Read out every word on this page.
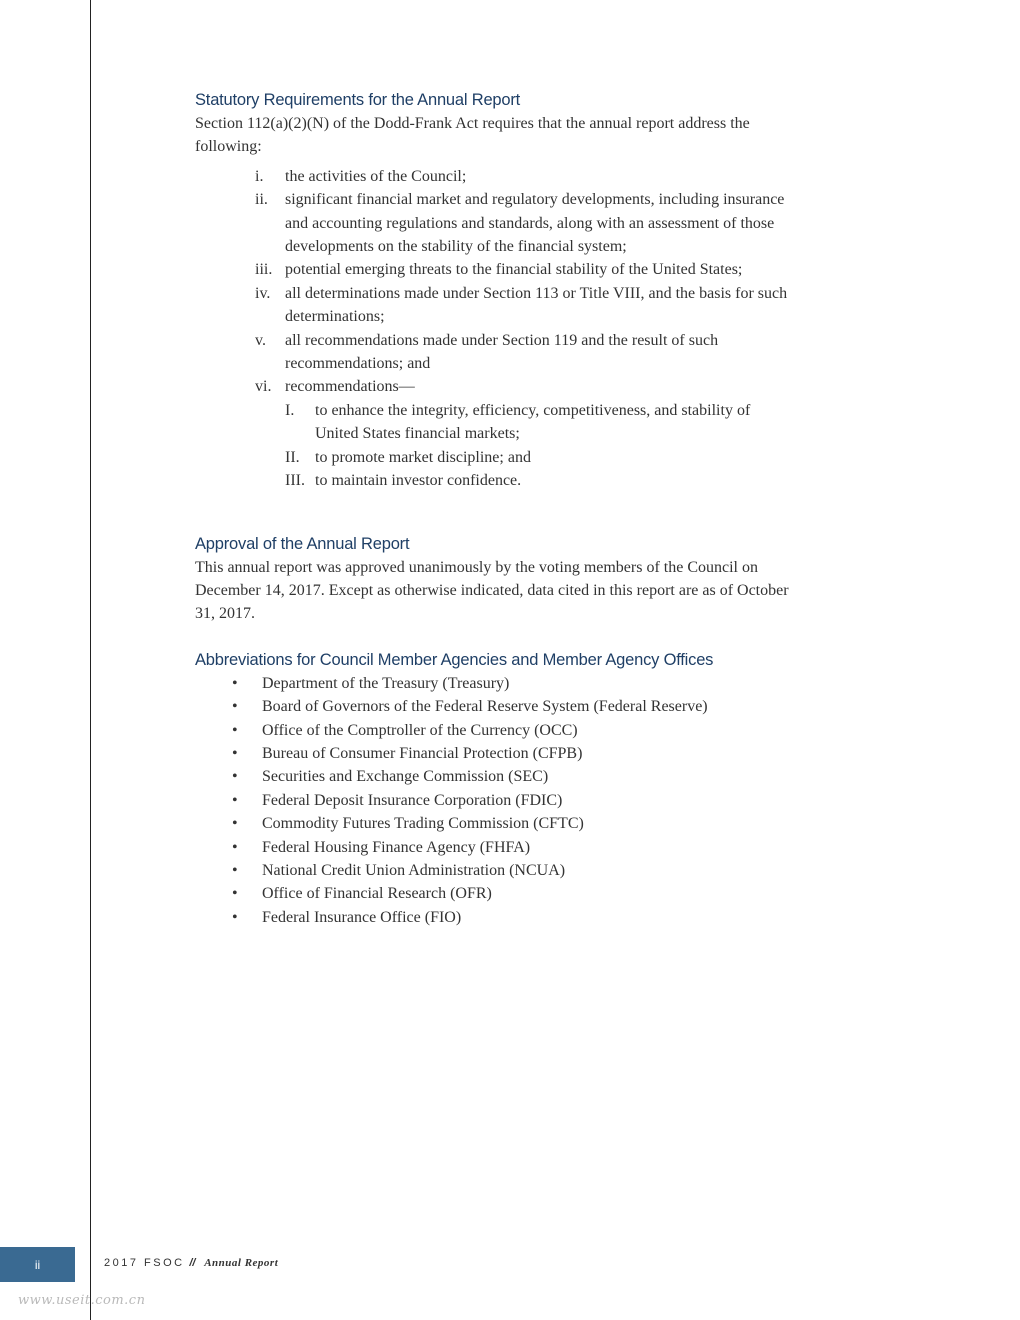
Statutory Requirements for the Annual Report

Section 112(a)(2)(N) of the Dodd-Frank Act requires that the annual report address the following:

i.	the activities of the Council;
ii.	significant financial market and regulatory developments, including insurance and accounting regulations and standards, along with an assessment of those developments on the stability of the financial system;
iii. potential emerging threats to the financial stability of the United States;
iv. all determinations made under Section 113 or Title VIII, and the basis for such determinations;
v.	all recommendations made under Section 119 and the result of such recommendations; and
vi. recommendations—
I.	to enhance the integrity, efficiency, competitiveness, and stability of United States financial markets;
II. to promote market discipline; and
III. to maintain investor confidence.
Approval of the Annual Report

This annual report was approved unanimously by the voting members of the Council on December 14, 2017. Except as otherwise indicated, data cited in this report are as of October 31, 2017.

Abbreviations for Council Member Agencies and Member Agency Offices
•	Department of the Treasury (Treasury)
•	Board of Governors of the Federal Reserve System (Federal Reserve)
•	Office of the Comptroller of the Currency (OCC)
•	Bureau of Consumer Financial Protection (CFPB)
•	Securities and Exchange Commission (SEC)
•	Federal Deposit Insurance Corporation (FDIC)
•	Commodity Futures Trading Commission (CFTC)
•	Federal Housing Finance Agency (FHFA)
•	National Credit Union Administration (NCUA)
•	Office of Financial Research (OFR)
•	Federal Insurance Office (FIO)
ii	2017 FSOC // Annual Report
www.useit.com.cn
